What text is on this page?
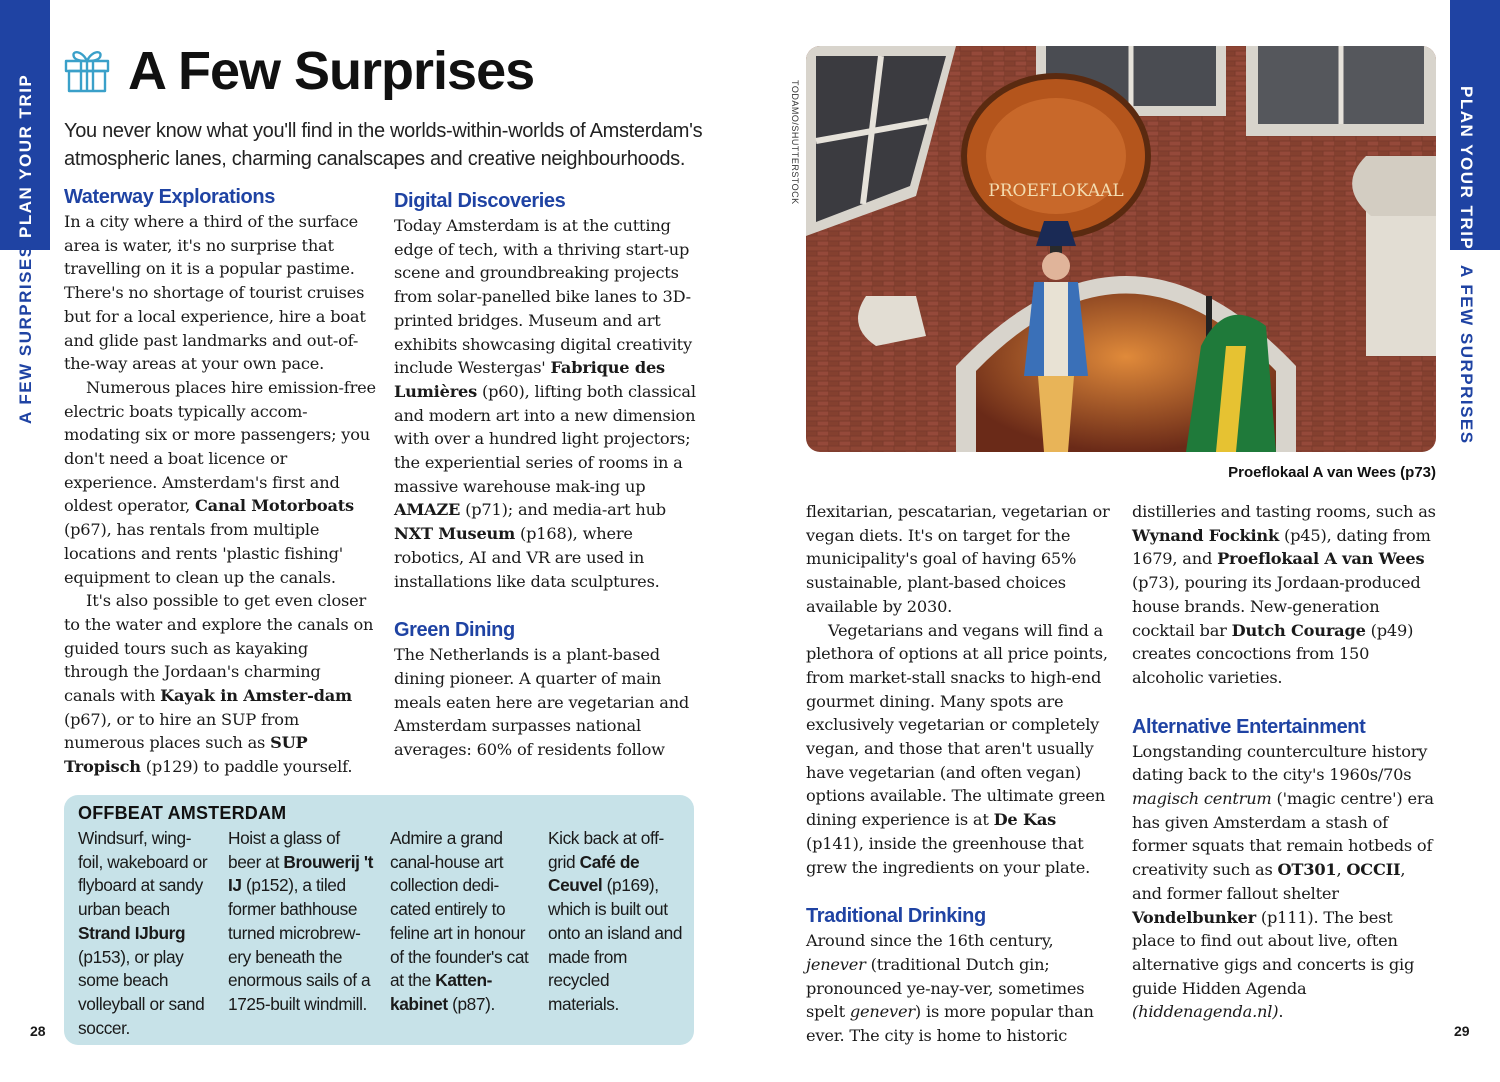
PLAN YOUR TRIP
A FEW SURPRISES
PLAN YOUR TRIP
A FEW SURPRISES
28	29
A Few Surprises
You never know what you'll find in the worlds-within-worlds of Amsterdam's atmospheric lanes, charming canalscapes and creative neighbourhoods.
Waterway Explorations

In a city where a third of the surface area is water, it's no surprise that travelling on it is a popular pastime. There's no shortage of tourist cruises but for a local experience, hire a boat and glide past landmarks and out-of-the-way areas at your own pace.

Numerous places hire emission-free electric boats typically accom-modating six or more passengers; you don't need a boat licence or experience. Amsterdam's first and oldest operator, Canal Motorboats (p67), has rentals from multiple locations and rents 'plastic fishing' equipment to clean up the canals.

It's also possible to get even closer to the water and explore the canals on guided tours such as kayaking through the Jordaan's charming canals with Kayak in Amster-dam (p67), or to hire an SUP from numerous places such as SUP Tropisch (p129) to paddle yourself.

Digital Discoveries

Today Amsterdam is at the cutting edge of tech, with a thriving start-up scene and groundbreaking projects from solar-panelled bike lanes to 3D-printed bridges. Museum and art exhibits showcasing digital creativity include Westergas' Fabrique des Lumières (p60), lifting both classical and modern art into a new dimension with over a hundred light projectors; the experiential series of rooms in a massive warehouse mak-ing up AMAZE (p71); and media-art hub NXT Museum (p168), where robotics, AI and VR are used in installations like data sculptures.

Green Dining

The Netherlands is a plant-based dining pioneer. A quarter of main meals eaten here are vegetarian and Amsterdam surpasses national averages: 60% of residents follow

OFFBEAT AMSTERDAM
Windsurf, wing-foil, wakeboard or flyboard at sandy urban beach Strand IJburg (p153), or play some beach volleyball or sand soccer.
Hoist a glass of beer at Brouwerij 't IJ (p152), a tiled former bathhouse turned microbrew-ery beneath the enormous sails of a 1725-built windmill.
Admire a grand canal-house art collection dedi-cated entirely to feline art in honour of the founder's cat at the Katten-kabinet (p87).
Kick back at off-grid Café de Ceuvel (p169), which is built out onto an island and made from recycled materials.
TODAMO/SHUTTERSTOCK	PROEFLOKAAL
Proeflokaal A van Wees (p73)

flexitarian, pescatarian, vegetarian or vegan diets. It's on target for the municipality's goal of having 65% sustainable, plant-based choices available by 2030.

Vegetarians and vegans will find a plethora of options at all price points, from market-stall snacks to high-end gourmet dining. Many spots are exclusively vegetarian or completely vegan, and those that aren't usually have vegetarian (and often vegan) options available. The ultimate green dining experience is at De Kas (p141), inside the greenhouse that grew the ingredients on your plate.

Traditional Drinking

Around since the 16th century, jenever (traditional Dutch gin; pronounced ye-nay-ver, sometimes spelt genever) is more popular than ever. The city is home to historic

distilleries and tasting rooms, such as Wynand Fockink (p45), dating from 1679, and Proeflokaal A van Wees (p73), pouring its Jordaan-produced house brands. New-generation cocktail bar Dutch Courage (p49) creates concoctions from 150 alcoholic varieties.

Alternative Entertainment

Longstanding counterculture history dating back to the city's 1960s/70s magisch centrum ('magic centre') era has given Amsterdam a stash of former squats that remain hotbeds of creativity such as OT301, OCCII, and former fallout shelter Vondelbunker (p111). The best place to find out about live, often alternative gigs and concerts is gig guide Hidden Agenda (hiddenagenda.nl).
